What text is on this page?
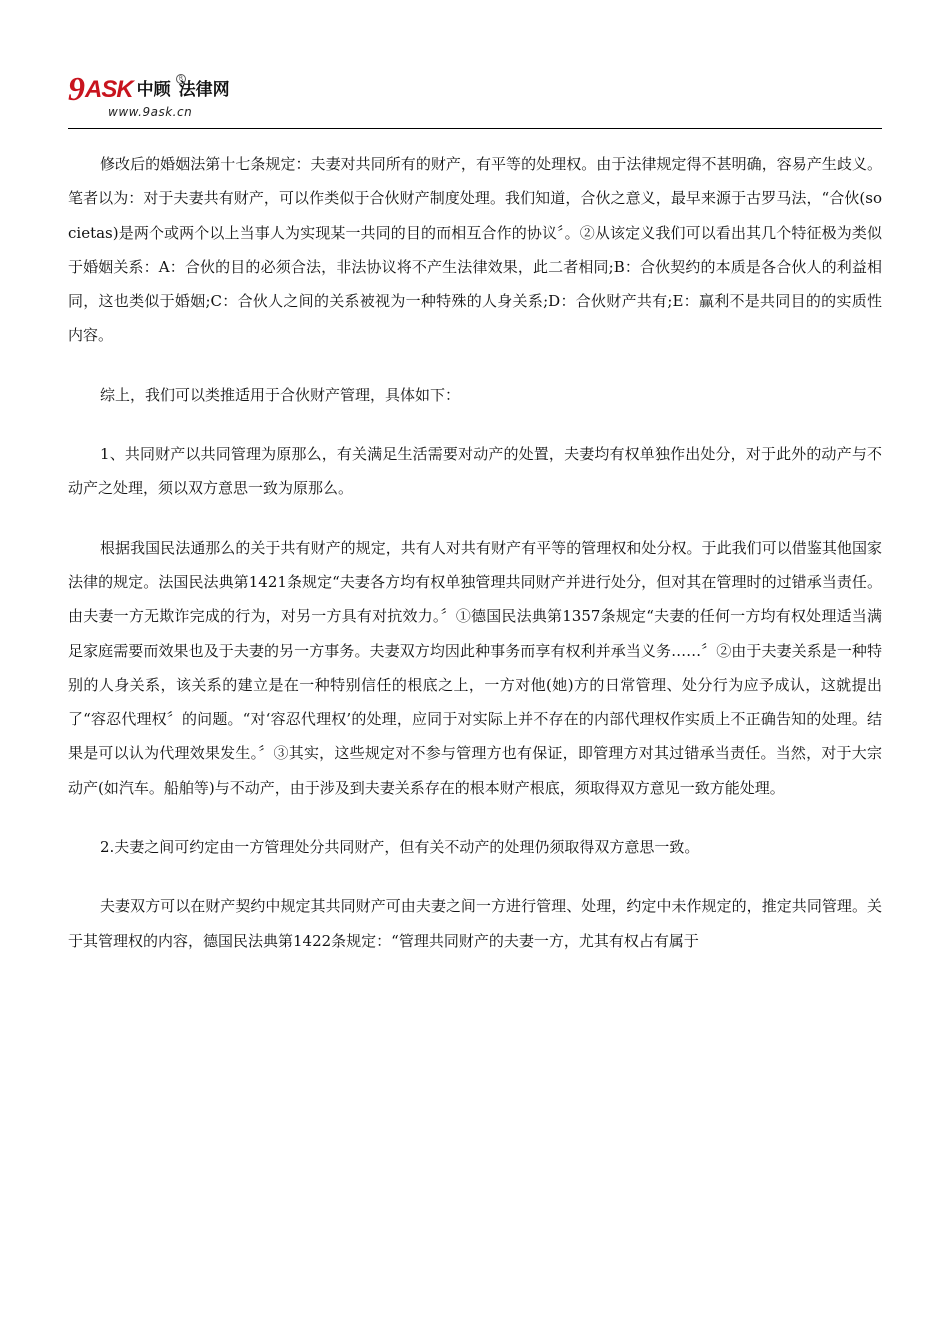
9ASK 中顾 法律网
R
www.9ask.cn

修改后的婚姻法第十七条规定：夫妻对共同所有的财产，有平等的处理权。由于法律规定得不甚明确，容易产生歧义。笔者以为：对于夫妻共有财产，可以作类似于合伙财产制度处理。我们知道，合伙之意义，最早来源于古罗马法，“合伙(societas)是两个或两个以上当事人为实现某一共同的目的而相互合作的协议〞。②从该定义我们可以看出其几个特征极为类似于婚姻关系：A：合伙的目的必须合法，非法协议将不产生法律效果，此二者相同;B：合伙契约的本质是各合伙人的利益相同，这也类似于婚姻;C：合伙人之间的关系被视为一种特殊的人身关系;D：合伙财产共有;E：赢利不是共同目的的实质性内容。

综上，我们可以类推适用于合伙财产管理，具体如下：

1、共同财产以共同管理为原那么，有关满足生活需要对动产的处置，夫妻均有权单独作出处分，对于此外的动产与不动产之处理，须以双方意思一致为原那么。

根据我国民法通那么的关于共有财产的规定，共有人对共有财产有平等的管理权和处分权。于此我们可以借鉴其他国家法律的规定。法国民法典第1421条规定“夫妻各方均有权单独管理共同财产并进行处分，但对其在管理时的过错承当责任。由夫妻一方无欺诈完成的行为，对另一方具有对抗效力。〞①德国民法典第1357条规定“夫妻的任何一方均有权处理适当满足家庭需要而效果也及于夫妻的另一方事务。夫妻双方均因此种事务而享有权利并承当义务……〞②由于夫妻关系是一种特别的人身关系，该关系的建立是在一种特别信任的根底之上，一方对他(她)方的日常管理、处分行为应予成认，这就提出了“容忍代理权〞的问题。“对‘容忍代理权’的处理，应同于对实际上并不存在的内部代理权作实质上不正确告知的处理。结果是可以认为代理效果发生。〞③其实，这些规定对不参与管理方也有保证，即管理方对其过错承当责任。当然，对于大宗动产(如汽车。船舶等)与不动产，由于涉及到夫妻关系存在的根本财产根底，须取得双方意见一致方能处理。

2.夫妻之间可约定由一方管理处分共同财产，但有关不动产的处理仍须取得双方意思一致。

夫妻双方可以在财产契约中规定其共同财产可由夫妻之间一方进行管理、处理，约定中未作规定的，推定共同管理。关于其管理权的内容，德国民法典第1422条规定：“管理共同财产的夫妻一方，尤其有权占有属于
